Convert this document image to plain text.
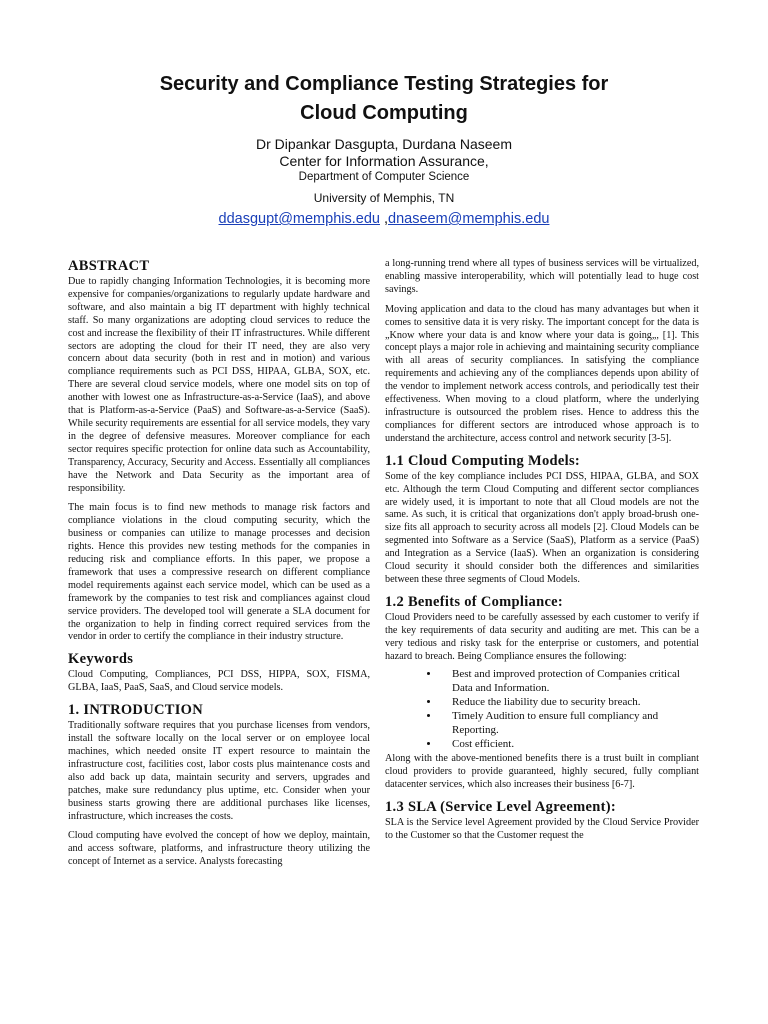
Security and Compliance Testing Strategies for
Cloud Computing
Dr Dipankar Dasgupta, Durdana Naseem
Center for Information Assurance,
Department of Computer Science
University of Memphis, TN
ddasgupt@memphis.edu ,dnaseem@memphis.edu
ABSTRACT

Due to rapidly changing Information Technologies, it is becoming more expensive for companies/organizations to regularly update hardware and software, and also maintain a big IT department with highly technical staff. So many organizations are adopting cloud services to reduce the cost and increase the flexibility of their IT infrastructures. While different sectors are adopting the cloud for their IT need, they are also very concern about data security (both in rest and in motion) and various compliance requirements such as PCI DSS, HIPAA, GLBA, SOX, etc. There are several cloud service models, where one model sits on top of another with lowest one as Infrastructure-as-a-Service (IaaS), and above that is Platform-as-a-Service (PaaS) and Software-as-a-Service (SaaS). While security requirements are essential for all service models, they vary in the degree of defensive measures. Moreover compliance for each sector requires specific protection for online data such as Accountability, Transparency, Accuracy, Security and Access. Essentially all compliances have the Network and Data Security as the important area of responsibility.

The main focus is to find new methods to manage risk factors and compliance violations in the cloud computing security, which the business or companies can utilize to manage processes and decision rights. Hence this provides new testing methods for the companies in reducing risk and compliance efforts. In this paper, we propose a framework that uses a compressive research on different compliance model requirements against each service model, which can be used as a framework by the companies to test risk and compliances against cloud service providers. The developed tool will generate a SLA document for the organization to help in finding correct required services from the vendor in order to certify the compliance in their industry structure.

Keywords

Cloud Computing, Compliances, PCI DSS, HIPPA, SOX, FISMA, GLBA, IaaS, PaaS, SaaS, and Cloud service models.

1. INTRODUCTION

Traditionally software requires that you purchase licenses from vendors, install the software locally on the local server or on employee local machines, which needed onsite IT expert resource to maintain the infrastructure cost, facilities cost, labor costs plus maintenance costs and also add back up data, maintain security and servers, upgrades and patches, make sure redundancy plus uptime, etc. Consider when your business starts growing there are additional purchases like licenses, infrastructure, which increases the costs.

Cloud computing have evolved the concept of how we deploy, maintain, and access software, platforms, and infrastructure theory utilizing the concept of Internet as a service. Analysts forecasting

a long-running trend where all types of business services will be virtualized, enabling massive interoperability, which will potentially lead to huge cost savings.

Moving application and data to the cloud has many advantages but when it comes to sensitive data it is very risky. The important concept for the data is „Know where your data is and know where your data is going„, [1]. This concept plays a major role in achieving and maintaining security compliance with all areas of security compliances. In satisfying the compliance requirements and achieving any of the compliances depends upon ability of the vendor to implement network access controls, and periodically test their effectiveness. When moving to a cloud platform, where the underlying infrastructure is outsourced the problem rises. Hence to address this the compliances for different sectors are introduced whose approach is to understand the architecture, access control and network security [3-5].

1.1 Cloud Computing Models:

Some of the key compliance includes PCI DSS, HIPAA, GLBA, and SOX etc. Although the term Cloud Computing and different sector compliances are widely used, it is important to note that all Cloud models are not the same. As such, it is critical that organizations don't apply broad-brush one-size fits all approach to security across all models [2]. Cloud Models can be segmented into Software as a Service (SaaS), Platform as a service (PaaS) and Integration as a Service (IaaS). When an organization is considering Cloud security it should consider both the differences and similarities between these three segments of Cloud Models.

1.2 Benefits of Compliance:

Cloud Providers need to be carefully assessed by each customer to verify if the key requirements of data security and auditing are met. This can be a very tedious and risky task for the enterprise or customers, and potential hazard to breach. Being Compliance ensures the following:

• Best and improved protection of Companies critical Data and Information.
• Reduce the liability due to security breach.
• Timely Audition to ensure full compliancy and Reporting.
• Cost efficient.

Along with the above-mentioned benefits there is a trust built in compliant cloud providers to provide guaranteed, highly secured, fully compliant datacenter services, which also increases their business [6-7].

1.3 SLA (Service Level Agreement):

SLA is the Service level Agreement provided by the Cloud Service Provider to the Customer so that the Customer request the
